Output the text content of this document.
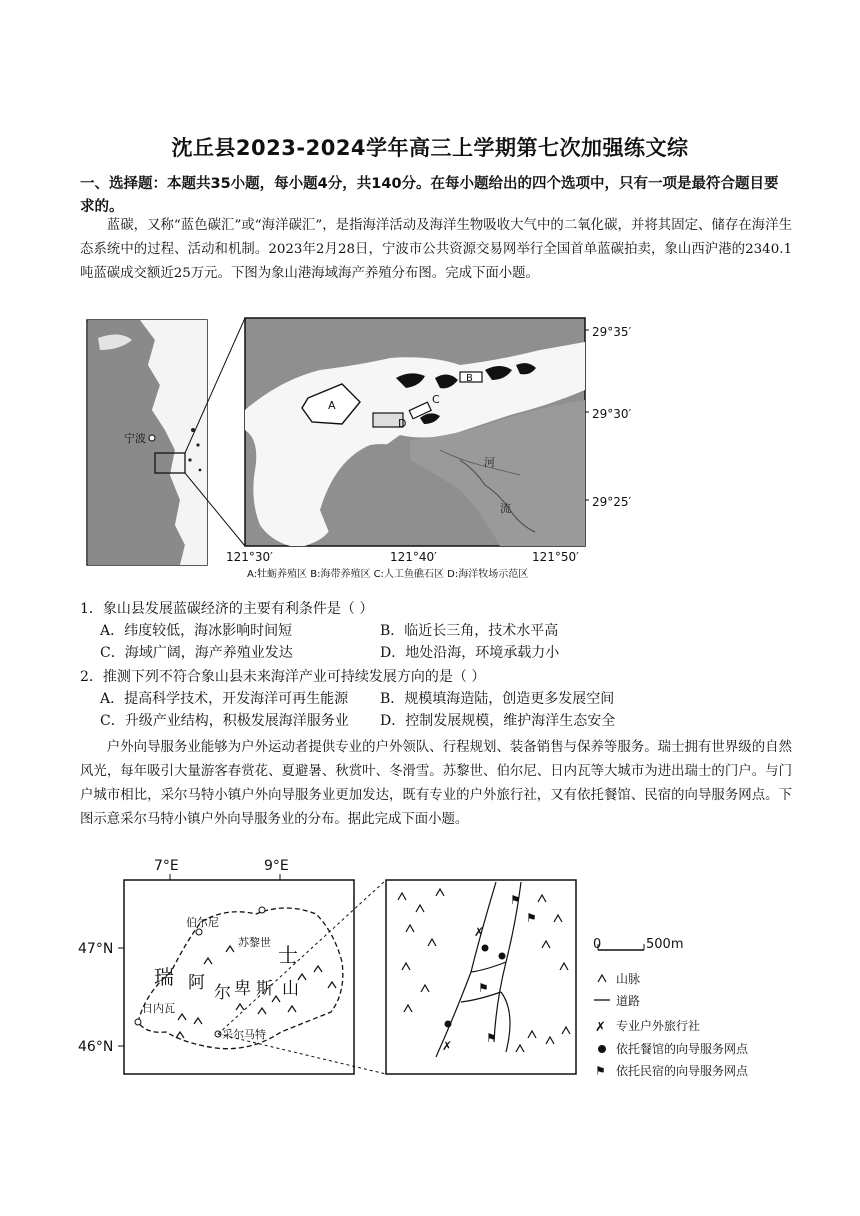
沈丘县2023-2024学年高三上学期第七次加强练文综
一、选择题：本题共35小题，每小题4分，共140分。在每小题给出的四个选项中，只有一项是最符合题目要求的。
蓝碳，又称“蓝色碳汇”或“海洋碳汇”，是指海洋活动及海洋生物吸收大气中的二氧化碳，并将其固定、储存在海洋生态系统中的过程、活动和机制。2023年2月28日，宁波市公共资源交易网举行全国首单蓝碳拍卖，象山西沪港的2340.1吨蓝碳成交额近25万元。下图为象山港海域海产养殖分布图。完成下面小题。
宁波
A
B
D
C
河
流
29°35′
29°30′
29°25′
121°30′	121°40′	121°50′
A:牡蛎养殖区 B:海带养殖区 C:人工鱼礁石区 D:海洋牧场示范区
1．象山县发展蓝碳经济的主要有利条件是（ ）
A．纬度较低，海冰影响时间短	B．临近长三角，技术水平高
C．海域广阔，海产养殖业发达	D．地处沿海，环境承载力小
2．推测下列不符合象山县未来海洋产业可持续发展方向的是（ ）
A．提高科学技术，开发海洋可再生能源	B．规模填海造陆，创造更多发展空间
C．升级产业结构，积极发展海洋服务业	D．控制发展规模，维护海洋生态安全
户外向导服务业能够为户外运动者提供专业的户外领队、行程规划、装备销售与保养等服务。瑞士拥有世界级的自然风光，每年吸引大量游客春赏花、夏避暑、秋赏叶、冬滑雪。苏黎世、伯尔尼、日内瓦等大城市为进出瑞士的门户。与门户城市相比，采尔马特小镇户外向导服务业更加发达，既有专业的户外旅行社，又有依托餐馆、民宿的向导服务网点。下图示意采尔马特小镇户外向导服务业的分布。据此完成下面小题。
7°E	9°E
47°N
46°N
伯尔尼
苏黎世
日内瓦
采尔马特
瑞
士
阿 尔 卑 斯 山
⚑
⚑
⚑
⚑
✗
✗
0	500m
山脉
道路
✗ 专业户外旅行社
依托餐馆的向导服务网点
⚑ 依托民宿的向导服务网点
